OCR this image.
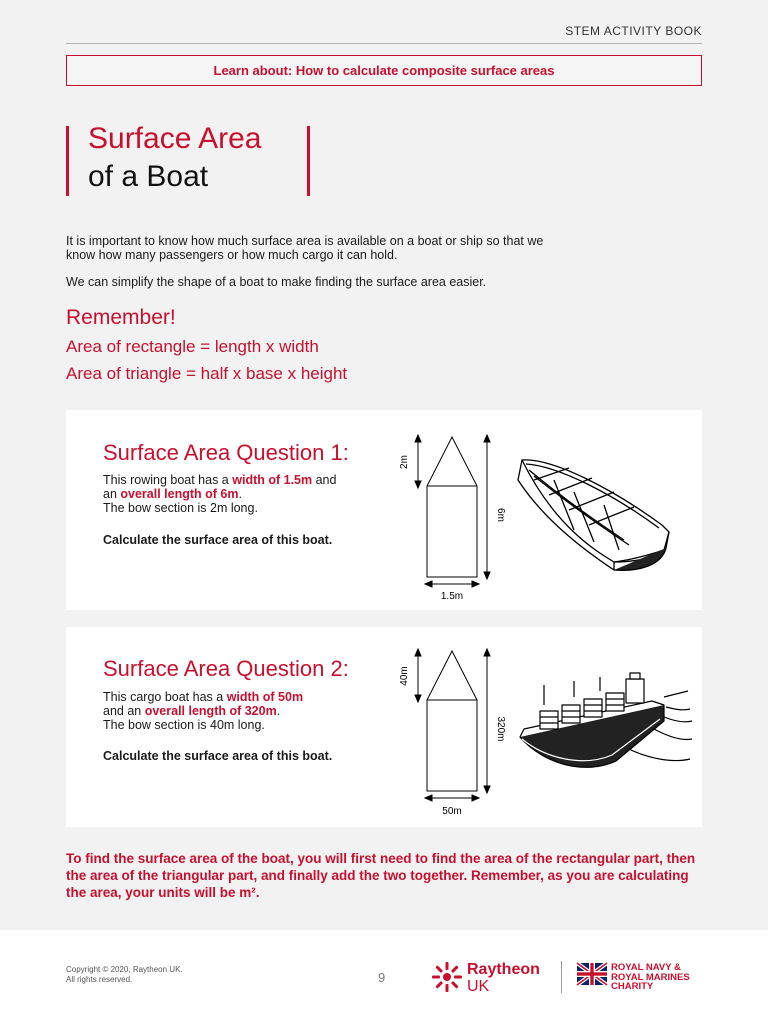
STEM ACTIVITY BOOK
Learn about: How to calculate composite surface areas
Surface Area
of a Boat

It is important to know how much surface area is available on a boat or ship so that we know how many passengers or how much cargo it can hold.

We can simplify the shape of a boat to make finding the surface area easier.

Remember!
Area of rectangle = length x width
Area of triangle = half x base x height
Surface Area Question 1:

This rowing boat has a width of 1.5m and an overall length of 6m.
The bow section is 2m long.

Calculate the surface area of this boat.
2m
6m
1.5m
Surface Area Question 2:

This cargo boat has a width of 50m
and an overall length of 320m.
The bow section is 40m long.

Calculate the surface area of this boat.
40m
320m
50m

To find the surface area of the boat, you will first need to find the area of the rectangular part, then the area of the triangular part, and finally add the two together. Remember, as you are calculating the area, your units will be m².

Copyright © 2020, Raytheon UK.
All rights reserved.	9	Raytheon
UK
ROYAL NAVY &
ROYAL MARINES
CHARITY
